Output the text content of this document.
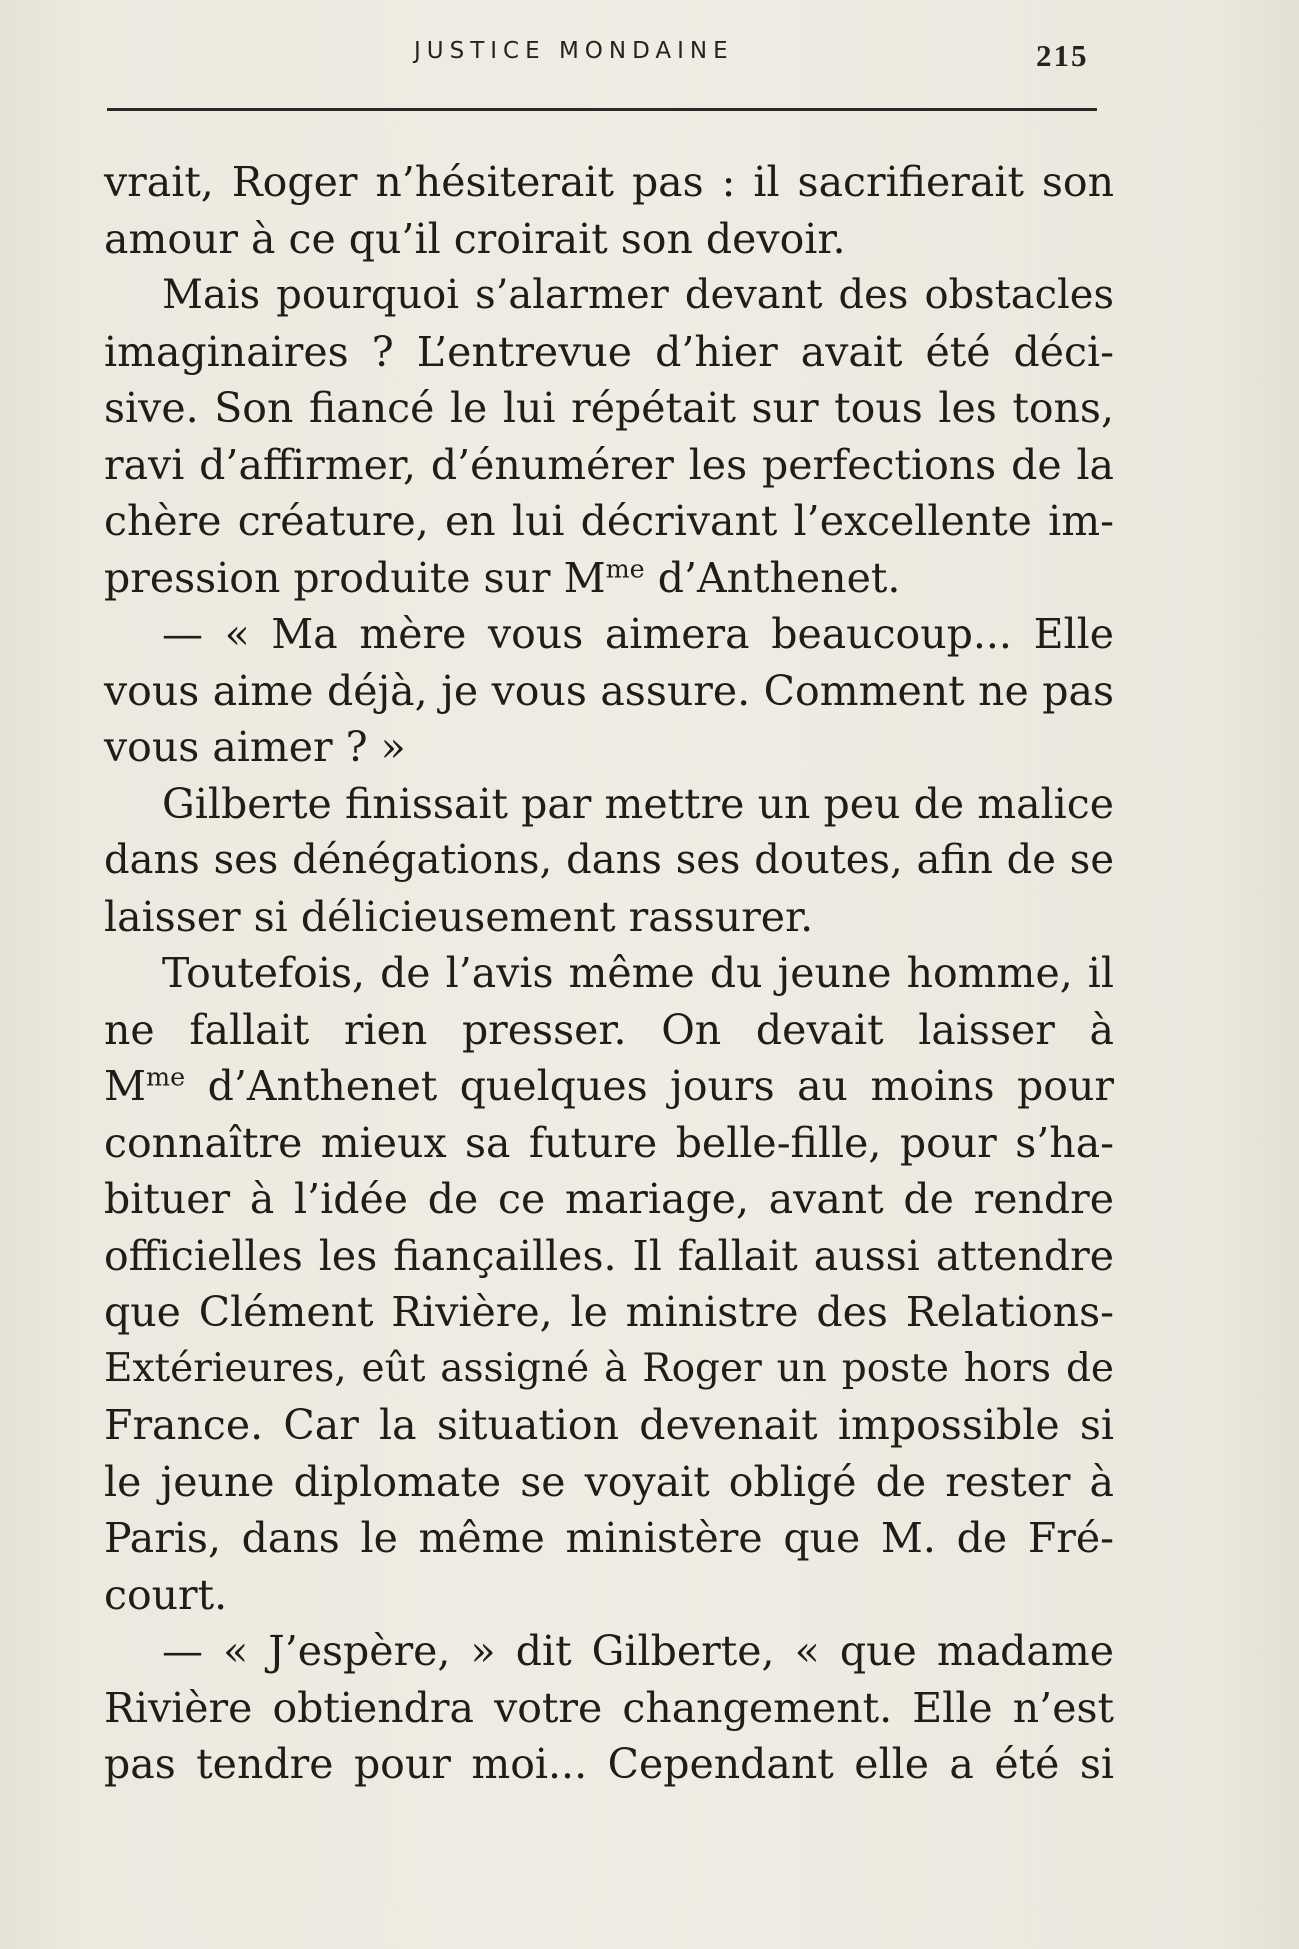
JUSTICE MONDAINE	215
vrait, Roger n’hésiterait pas : il sacrifierait son
amour à ce qu’il croirait son devoir.
Mais pourquoi s’alarmer devant des obstacles
imaginaires ? L’entrevue d’hier avait été déci-
sive. Son fiancé le lui répétait sur tous les tons,
ravi d’affirmer, d’énumérer les perfections de la
chère créature, en lui décrivant l’excellente im-
pression produite sur $M^{me}$ d’Anthenet.
— « Ma mère vous aimera beaucoup... Elle
vous aime déjà, je vous assure. Comment ne pas
vous aimer ? »
Gilberte finissait par mettre un peu de malice
dans ses dénégations, dans ses doutes, afin de se
laisser si délicieusement rassurer.
Toutefois, de l’avis même du jeune homme, il
ne fallait rien presser. On devait laisser à
$M^{me}$ d’Anthenet quelques jours au moins pour
connaître mieux sa future belle-fille, pour s’ha-
bituer à l’idée de ce mariage, avant de rendre
officielles les fiançailles. Il fallait aussi attendre
que Clément Rivière, le ministre des Relations-
Extérieures, eût assigné à Roger un poste hors de
France. Car la situation devenait impossible si
le jeune diplomate se voyait obligé de rester à
Paris, dans le même ministère que M. de Fré-
court.
— « J’espère, » dit Gilberte, « que madame
Rivière obtiendra votre changement. Elle n’est
pas tendre pour moi... Cependant elle a été si
